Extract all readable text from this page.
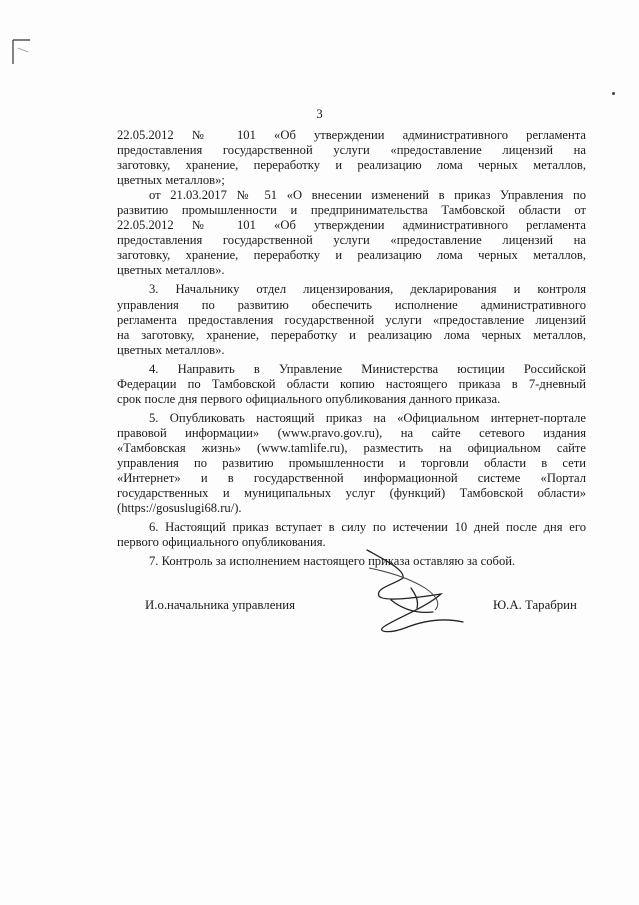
3

22.05.2012 № 101 «Об утверждении административного регламента

предоставления государственной услуги «предоставление лицензий на

заготовку, хранение, переработку и реализацию лома черных металлов,

цветных металлов»;

от 21.03.2017 № 51 «О внесении изменений в приказ Управления по

развитию промышленности и предпринимательства Тамбовской области от

22.05.2012 № 101 «Об утверждении административного регламента

предоставления государственной услуги «предоставление лицензий на

заготовку, хранение, переработку и реализацию лома черных металлов,

цветных металлов».

3. Начальнику отдел лицензирования, декларирования и контроля

управления по развитию обеспечить исполнение административного

регламента предоставления государственной услуги «предоставление лицензий

на заготовку, хранение, переработку и реализацию лома черных металлов,

цветных металлов».

4. Направить в Управление Министерства юстиции Российской

Федерации по Тамбовской области копию настоящего приказа в 7-дневный

срок после дня первого официального опубликования данного приказа.

5. Опубликовать настоящий приказ на «Официальном интернет-портале

правовой информации» (www.pravo.gov.ru), на сайте сетевого издания

«Тамбовская жизнь» (www.tamlife.ru), разместить на официальном сайте

управления по развитию промышленности и торговли области в сети

«Интернет» и в государственной информационной системе «Портал

государственных и муниципальных услуг (функций) Тамбовской области»

(https://gosuslugi68.ru/).

6. Настоящий приказ вступает в силу по истечении 10 дней после дня его

первого официального опубликования.

7. Контроль за исполнением настоящего приказа оставляю за собой.

И.о.начальника управления	Ю.А. Тарабрин
